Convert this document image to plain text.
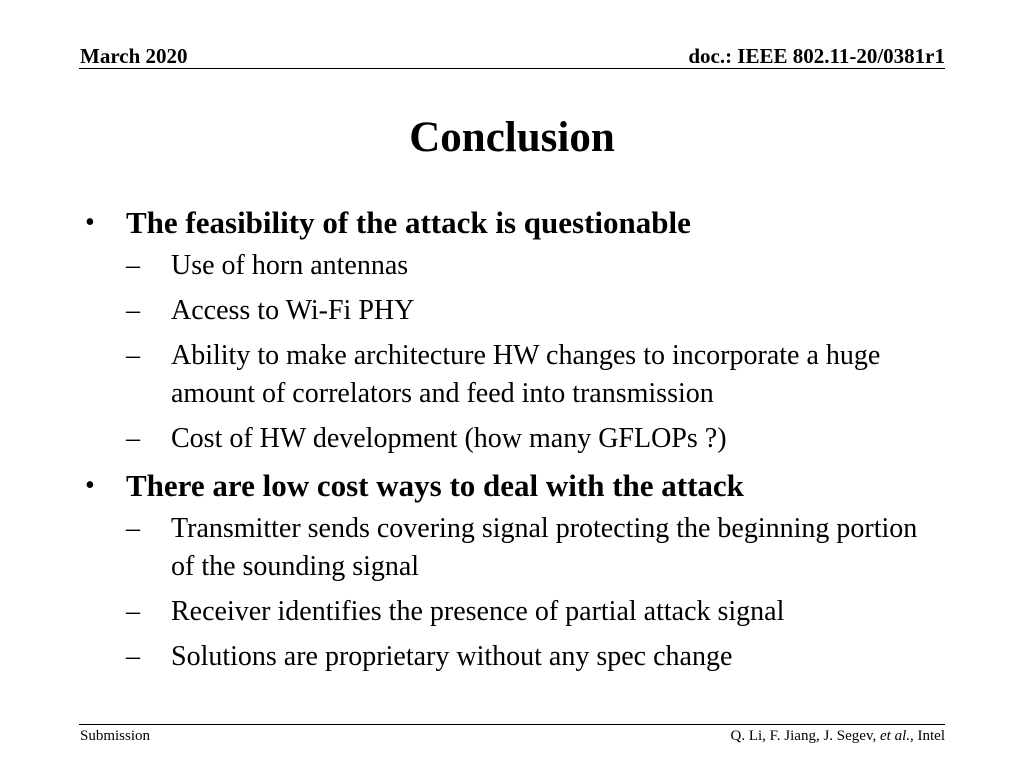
March 2020	doc.: IEEE 802.11-20/0381r1
Conclusion
• The feasibility of the attack is questionable
– Use of horn antennas
– Access to Wi-Fi PHY
– Ability to make architecture HW changes to incorporate a huge amount of correlators and feed into transmission
– Cost of HW development (how many GFLOPs ?)
• There are low cost ways to deal with the attack
– Transmitter sends covering signal protecting the beginning portion of the sounding signal
– Receiver identifies the presence of partial attack signal
– Solutions are proprietary without any spec change
Submission	Q. Li, F. Jiang, J. Segev, et al., Intel
